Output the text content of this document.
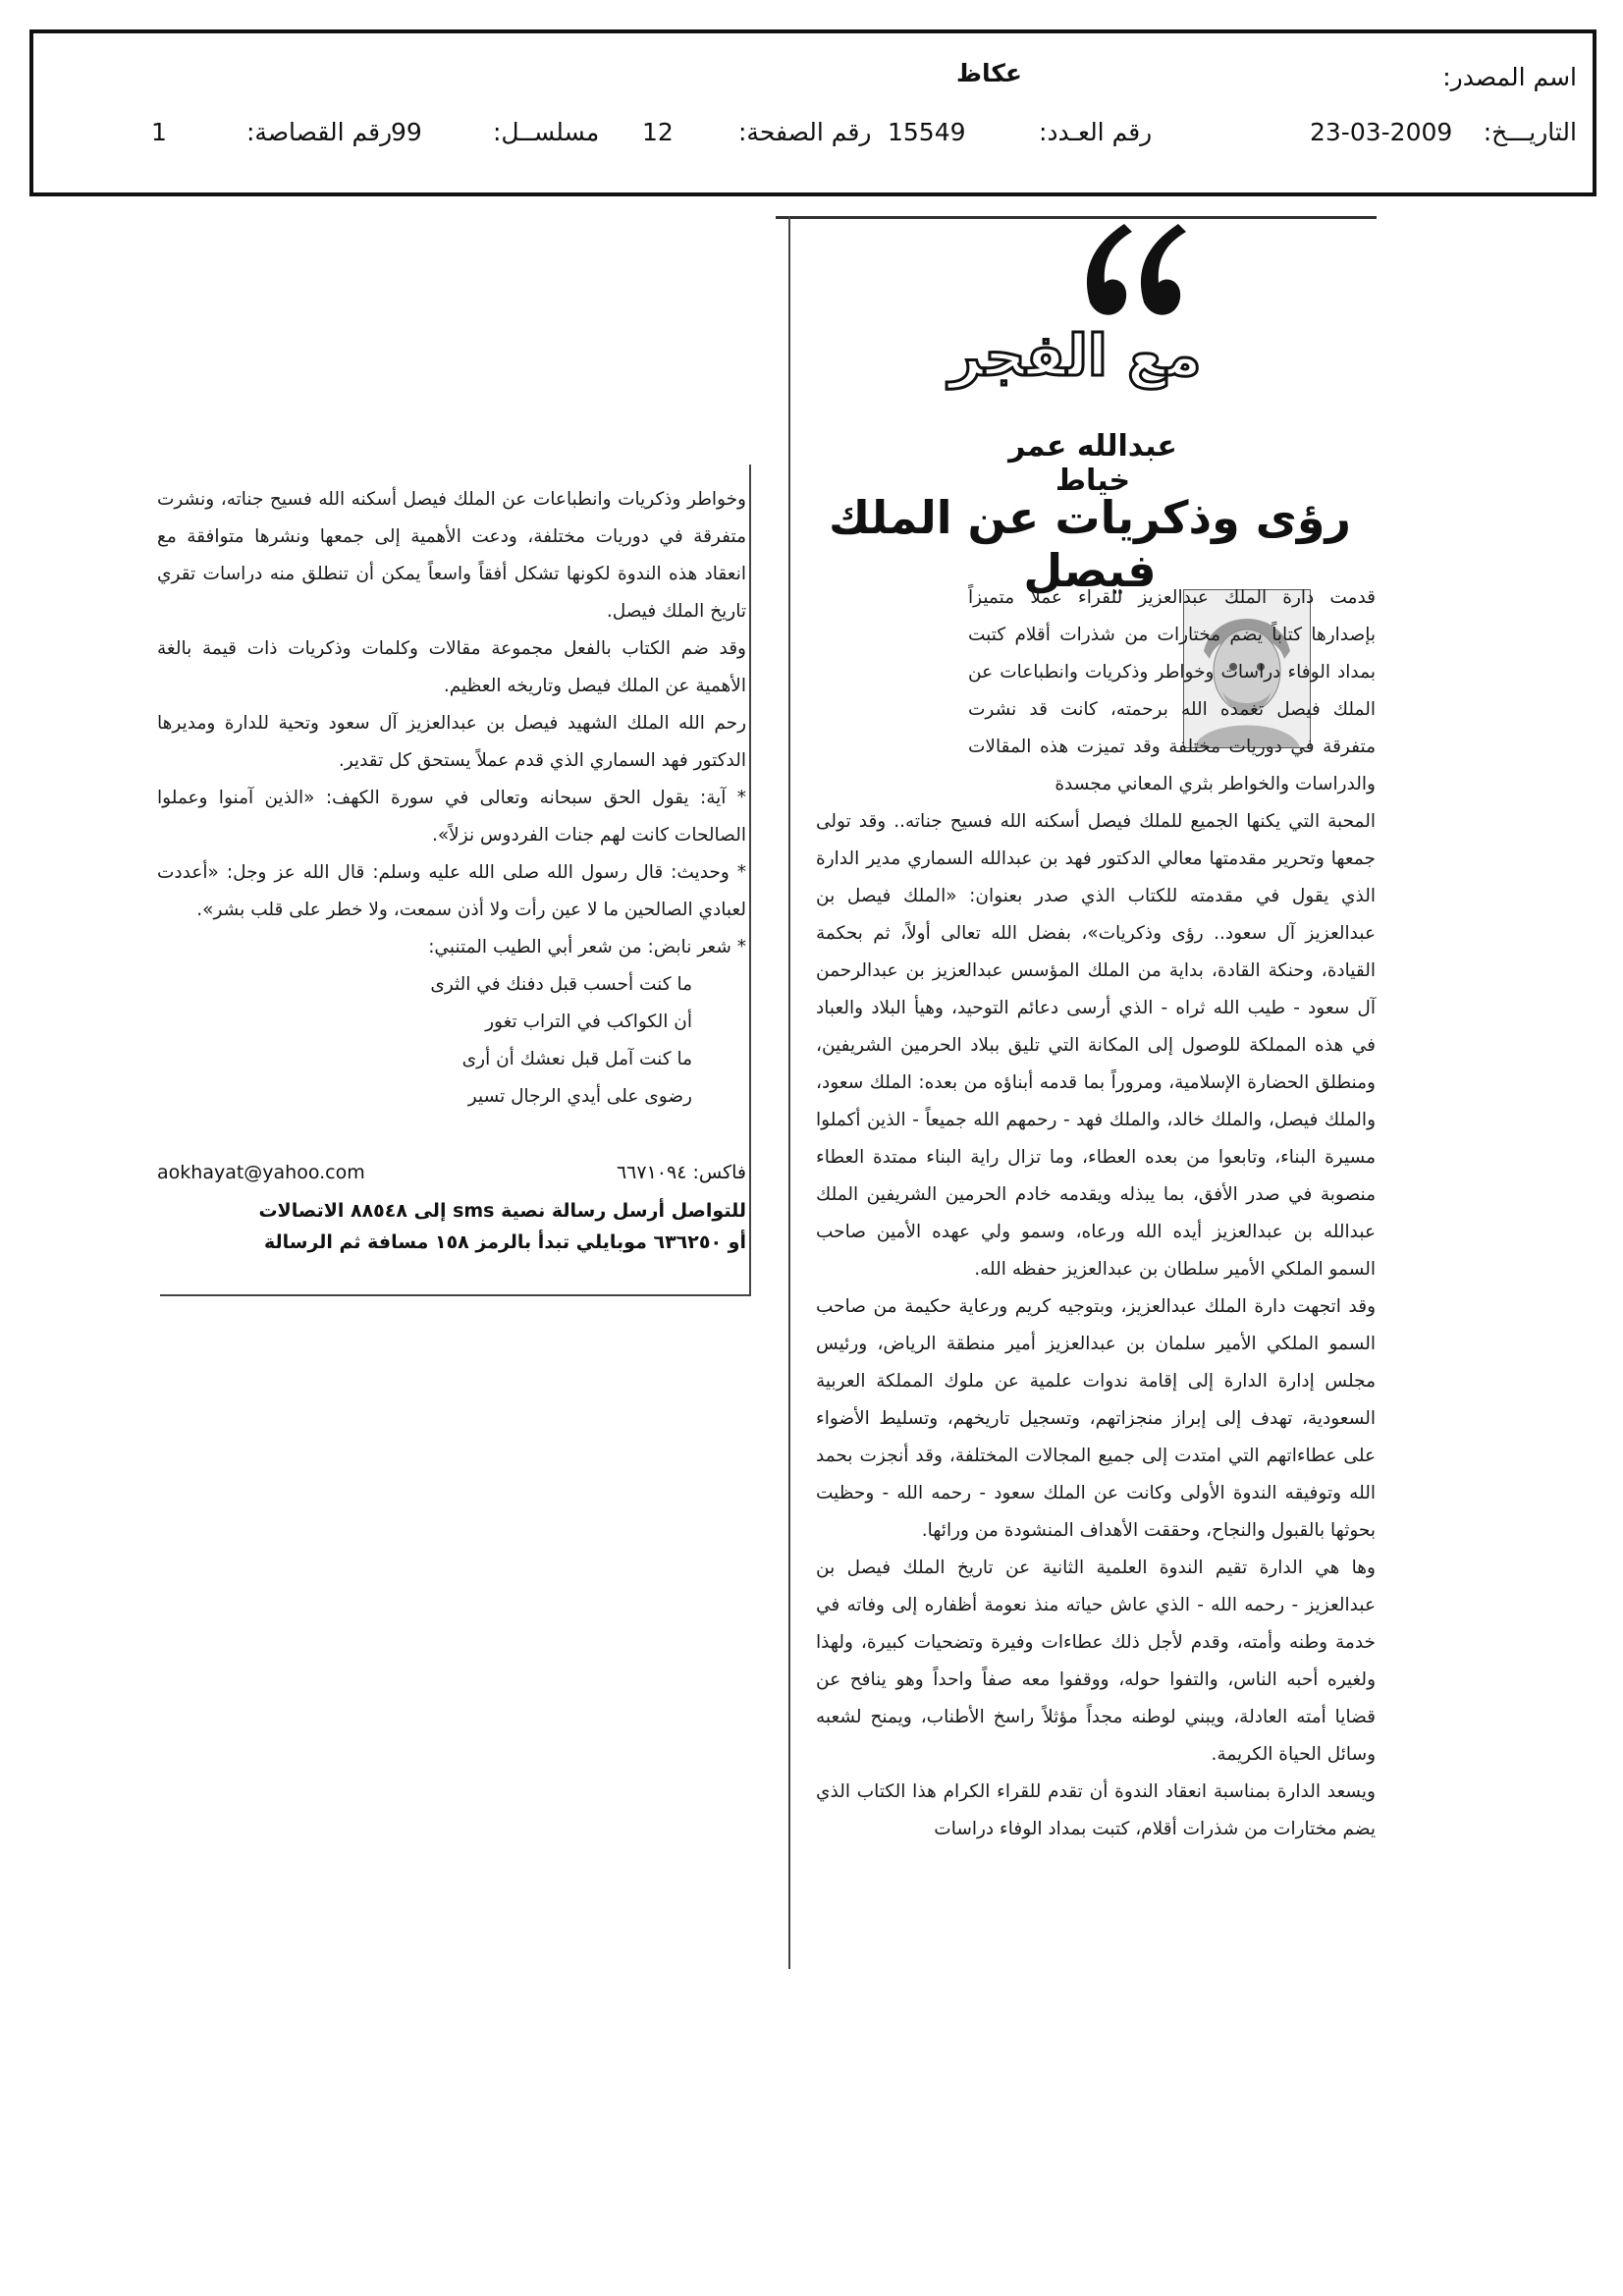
اسم المصدر:
عكاظ
التاريـــخ:
23-03-2009
رقم العـدد:
15549
رقم الصفحة:
12
مسلســل:
99
رقم القصاصة:
1
مع الفجر
عبدالله عمر خياط
رؤى وذكريات عن الملك فيصل

قدمت دارة الملك عبدالعزيز للقراء عملاً متميزاً بإصدارها كتاباً يضم مختارات من شذرات أقلام كتبت بمداد الوفاء دراسات وخواطر وذكريات وانطباعات عن الملك فيصل تغمده الله برحمته، كانت قد نشرت متفرقة في دوريات مختلفة وقد تميزت هذه المقالات والدراسات والخواطر بثري المعاني مجسدة

المحبة التي يكنها الجميع للملك فيصل أسكنه الله فسيح جناته.. وقد تولى جمعها وتحرير مقدمتها معالي الدكتور فهد بن عبدالله السماري مدير الدارة الذي يقول في مقدمته للكتاب الذي صدر بعنوان: «الملك فيصل بن عبدالعزيز آل سعود.. رؤى وذكريات»، بفضل الله تعالى أولاً، ثم بحكمة القيادة، وحنكة القادة، بداية من الملك المؤسس عبدالعزيز بن عبدالرحمن آل سعود - طيب الله ثراه - الذي أرسى دعائم التوحيد، وهيأ البلاد والعباد في هذه المملكة للوصول إلى المكانة التي تليق ببلاد الحرمين الشريفين، ومنطلق الحضارة الإسلامية، ومروراً بما قدمه أبناؤه من بعده: الملك سعود، والملك فيصل، والملك خالد، والملك فهد - رحمهم الله جميعاً - الذين أكملوا مسيرة البناء، وتابعوا من بعده العطاء، وما تزال راية البناء ممتدة العطاء منصوبة في صدر الأفق، بما يبذله ويقدمه خادم الحرمين الشريفين الملك عبدالله بن عبدالعزيز أيده الله ورعاه، وسمو ولي عهده الأمين صاحب السمو الملكي الأمير سلطان بن عبدالعزيز حفظه الله.

وقد اتجهت دارة الملك عبدالعزيز، وبتوجيه كريم ورعاية حكيمة من صاحب السمو الملكي الأمير سلمان بن عبدالعزيز أمير منطقة الرياض، ورئيس مجلس إدارة الدارة إلى إقامة ندوات علمية عن ملوك المملكة العربية السعودية، تهدف إلى إبراز منجزاتهم، وتسجيل تاريخهم، وتسليط الأضواء على عطاءاتهم التي امتدت إلى جميع المجالات المختلفة، وقد أنجزت بحمد الله وتوفيقه الندوة الأولى وكانت عن الملك سعود - رحمه الله - وحظيت بحوثها بالقبول والنجاح، وحققت الأهداف المنشودة من ورائها.

وها هي الدارة تقيم الندوة العلمية الثانية عن تاريخ الملك فيصل بن عبدالعزيز - رحمه الله - الذي عاش حياته منذ نعومة أظفاره إلى وفاته في خدمة وطنه وأمته، وقدم لأجل ذلك عطاءات وفيرة وتضحيات كبيرة، ولهذا ولغيره أحبه الناس، والتفوا حوله، ووقفوا معه صفاً واحداً وهو ينافح عن قضايا أمته العادلة، ويبني لوطنه مجداً مؤثلاً راسخ الأطناب، ويمنح لشعبه وسائل الحياة الكريمة.

ويسعد الدارة بمناسبة انعقاد الندوة أن تقدم للقراء الكرام هذا الكتاب الذي يضم مختارات من شذرات أقلام، كتبت بمداد الوفاء دراسات

وخواطر وذكريات وانطباعات عن الملك فيصل أسكنه الله فسيح جناته، ونشرت متفرقة في دوريات مختلفة، ودعت الأهمية إلى جمعها ونشرها متوافقة مع انعقاد هذه الندوة لكونها تشكل أفقاً واسعاً يمكن أن تنطلق منه دراسات تقري تاريخ الملك فيصل.

وقد ضم الكتاب بالفعل مجموعة مقالات وكلمات وذكريات ذات قيمة بالغة الأهمية عن الملك فيصل وتاريخه العظيم.

رحم الله الملك الشهيد فيصل بن عبدالعزيز آل سعود وتحية للدارة ومديرها الدكتور فهد السماري الذي قدم عملاً يستحق كل تقدير.

* آية: يقول الحق سبحانه وتعالى في سورة الكهف: «الذين آمنوا وعملوا الصالحات كانت لهم جنات الفردوس نزلاً».

* وحديث: قال رسول الله صلى الله عليه وسلم: قال الله عز وجل: «أعددت لعبادي الصالحين ما لا عين رأت ولا أذن سمعت، ولا خطر على قلب بشر».

* شعر نابض: من شعر أبي الطيب المتنبي:

ما كنت أحسب قبل دفنك في الثرى
أن الكواكب في التراب تغور
ما كنت آمل قبل نعشك أن أرى
رضوى على أيدي الرجال تسير
فاكس: ٦٦٧١٠٩٤
aokhayat@yahoo.com
للتواصل أرسل رسالة نصية sms إلى ٨٨٥٤٨ الاتصالات
أو ٦٣٦٢٥٠ موبايلي تبدأ بالرمز ١٥٨ مسافة ثم الرسالة
